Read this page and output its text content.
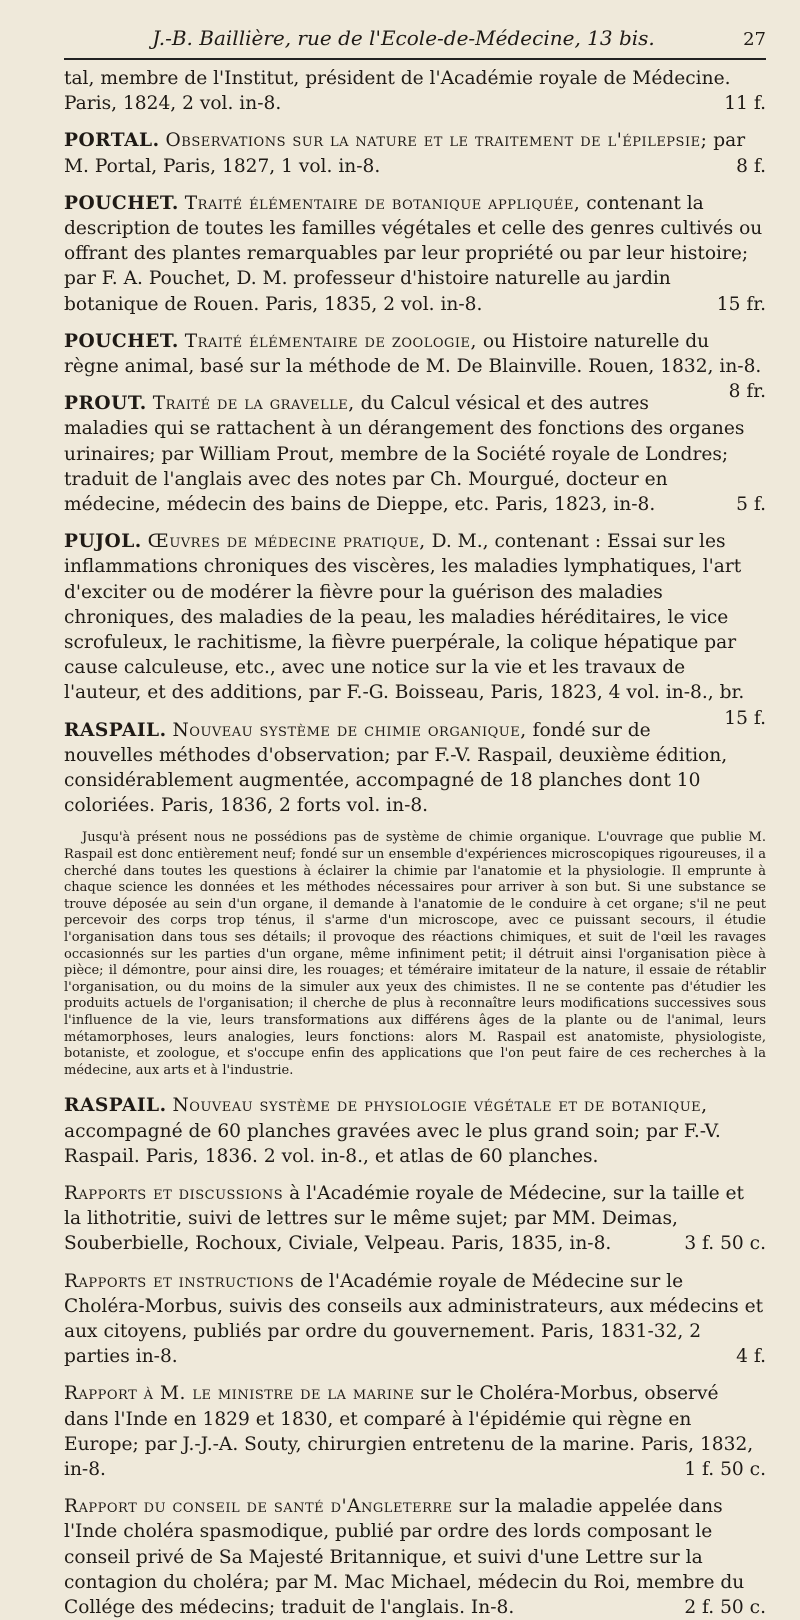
J.-B. Baillière, rue de l'Ecole-de-Médecine, 13 bis.	27

tal, membre de l'Institut, président de l'Académie royale de Médecine. Paris, 1824, 2 vol. in-8.	11 f.

PORTAL. Observations sur la nature et le traitement de l'épilepsie; par M. Portal, Paris, 1827, 1 vol. in-8.	8 f.

POUCHET. Traité élémentaire de botanique appliquée, contenant la description de toutes les familles végétales et celle des genres cultivés ou offrant des plantes remarquables par leur propriété ou par leur histoire; par F. A. Pouchet, D. M. professeur d'histoire naturelle au jardin botanique de Rouen. Paris, 1835, 2 vol. in-8.	15 fr.

POUCHET. Traité élémentaire de zoologie, ou Histoire naturelle du règne animal, basé sur la méthode de M. De Blainville. Rouen, 1832, in-8.
8 fr.

PROUT. Traité de la gravelle, du Calcul vésical et des autres maladies qui se rattachent à un dérangement des fonctions des organes urinaires; par William Prout, membre de la Société royale de Londres; traduit de l'anglais avec des notes par Ch. Mourgué, docteur en médecine, médecin des bains de Dieppe, etc. Paris, 1823, in-8.	5 f.

PUJOL. Œuvres de médecine pratique, D. M., contenant : Essai sur les inflammations chroniques des viscères, les maladies lymphatiques, l'art d'exciter ou de modérer la fièvre pour la guérison des maladies chroniques, des maladies de la peau, les maladies héréditaires, le vice scrofuleux, le rachitisme, la fièvre puerpérale, la colique hépatique par cause calculeuse, etc., avec une notice sur la vie et les travaux de l'auteur, et des additions, par F.-G. Boisseau, Paris, 1823, 4 vol. in-8., br.
15 f.

RASPAIL. Nouveau système de chimie organique, fondé sur de nouvelles méthodes d'observation; par F.-V. Raspail, deuxième édition, considérablement augmentée, accompagné de 18 planches dont 10 coloriées. Paris, 1836, 2 forts vol. in-8.

Jusqu'à présent nous ne possédions pas de système de chimie organique. L'ouvrage que publie M. Raspail est donc entièrement neuf; fondé sur un ensemble d'expériences microscopiques rigoureuses, il a cherché dans toutes les questions à éclairer la chimie par l'anatomie et la physiologie. Il emprunte à chaque science les données et les méthodes nécessaires pour arriver à son but. Si une substance se trouve déposée au sein d'un organe, il demande à l'anatomie de le conduire à cet organe; s'il ne peut percevoir des corps trop ténus, il s'arme d'un microscope, avec ce puissant secours, il étudie l'organisation dans tous ses détails; il provoque des réactions chimiques, et suit de l'œil les ravages occasionnés sur les parties d'un organe, même infiniment petit; il détruit ainsi l'organisation pièce à pièce; il démontre, pour ainsi dire, les rouages; et téméraire imitateur de la nature, il essaie de rétablir l'organisation, ou du moins de la simuler aux yeux des chimistes. Il ne se contente pas d'étudier les produits actuels de l'organisation; il cherche de plus à reconnaître leurs modifications successives sous l'influence de la vie, leurs transformations aux différens âges de la plante ou de l'animal, leurs métamorphoses, leurs analogies, leurs fonctions: alors M. Raspail est anatomiste, physiologiste, botaniste, et zoologue, et s'occupe enfin des applications que l'on peut faire de ces recherches à la médecine, aux arts et à l'industrie.

RASPAIL. Nouveau système de physiologie végétale et de botanique, accompagné de 60 planches gravées avec le plus grand soin; par F.-V. Raspail. Paris, 1836. 2 vol. in-8., et atlas de 60 planches.

Rapports et discussions à l'Académie royale de Médecine, sur la taille et la lithotritie, suivi de lettres sur le même sujet; par MM. Deimas, Souberbielle, Rochoux, Civiale, Velpeau. Paris, 1835, in-8.	3 f. 50 c.

Rapports et instructions de l'Académie royale de Médecine sur le Choléra-Morbus, suivis des conseils aux administrateurs, aux médecins et aux citoyens, publiés par ordre du gouvernement. Paris, 1831-32, 2 parties in-8.	4 f.

Rapport à M. le ministre de la marine sur le Choléra-Morbus, observé dans l'Inde en 1829 et 1830, et comparé à l'épidémie qui règne en Europe; par J.-J.-A. Souty, chirurgien entretenu de la marine. Paris, 1832, in-8.	1 f. 50 c.

Rapport du conseil de santé d'Angleterre sur la maladie appelée dans l'Inde choléra spasmodique, publié par ordre des lords composant le conseil privé de Sa Majesté Britannique, et suivi d'une Lettre sur la contagion du choléra; par M. Mac Michael, médecin du Roi, membre du Collége des médecins; traduit de l'anglais. In-8.	2 f. 50 c.
